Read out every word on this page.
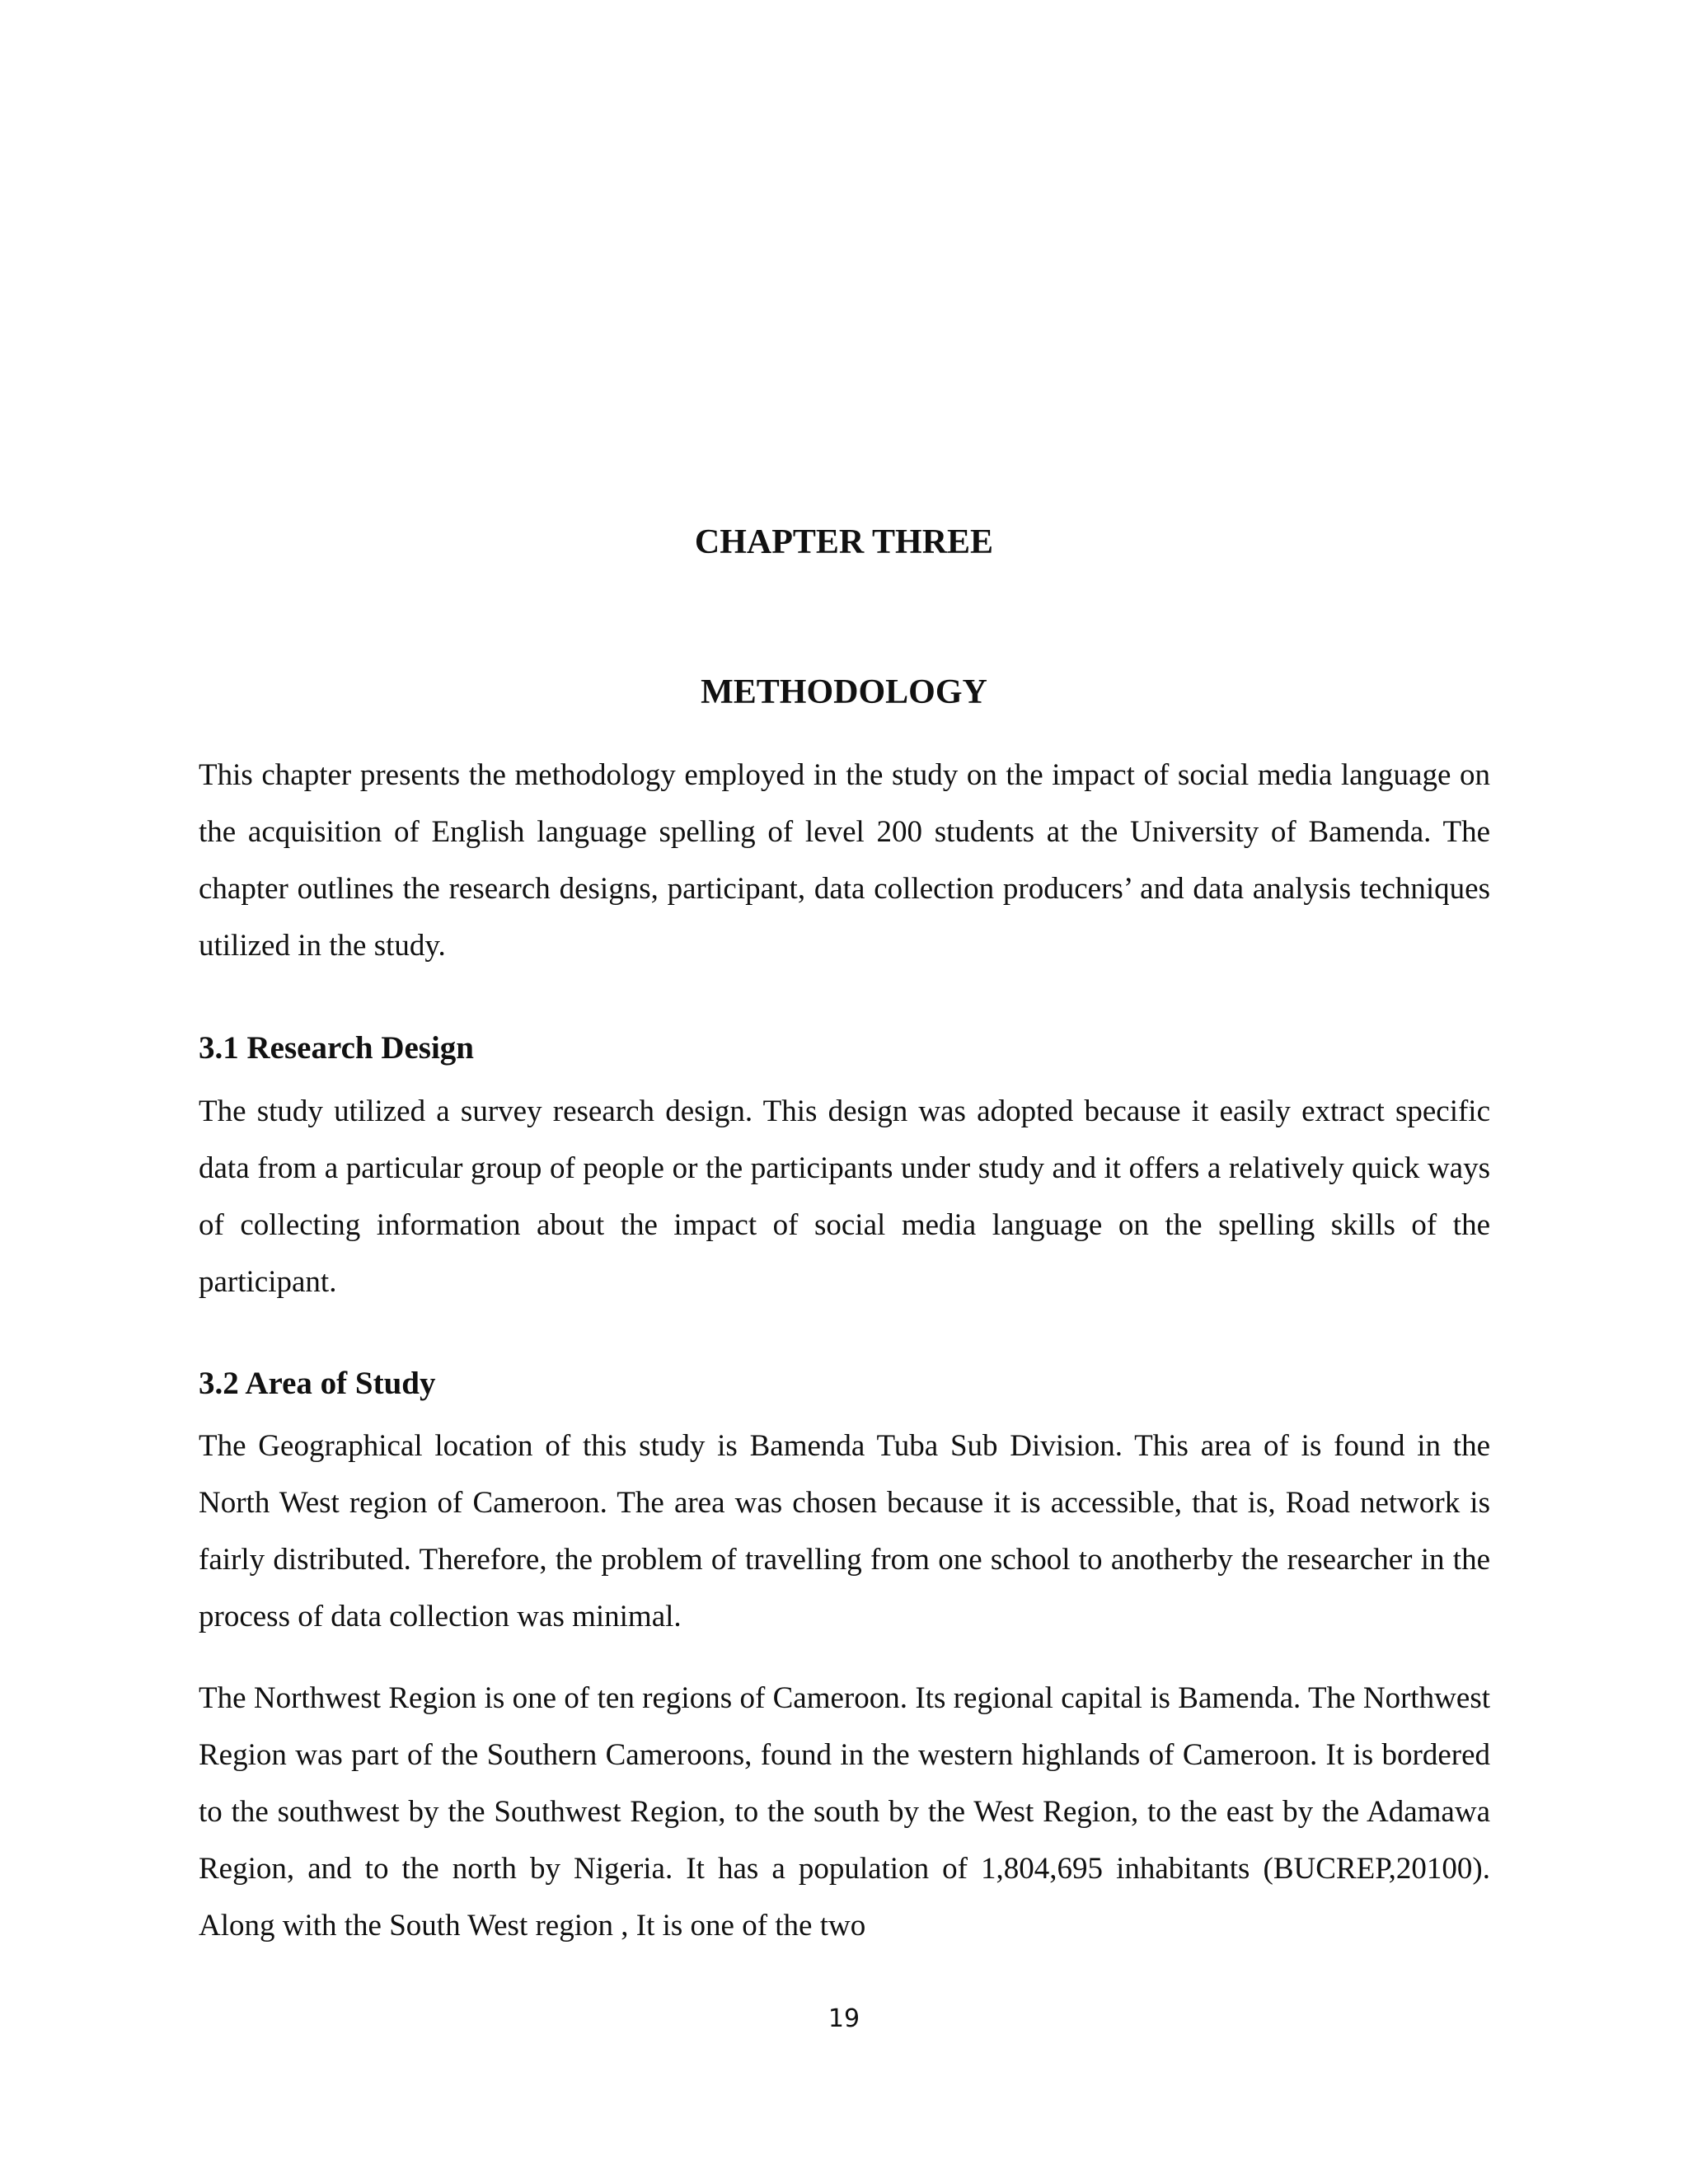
CHAPTER THREE
METHODOLOGY

This chapter presents the methodology employed in the study on the impact of social media language on the acquisition of English language spelling of level 200 students at the University of Bamenda. The chapter outlines the research designs, participant, data collection producers’ and data analysis techniques utilized in the study.

3.1 Research Design

The study utilized a survey research design. This design was adopted because it easily extract specific data from a particular group of people or the participants under study and it offers a relatively quick ways of collecting information about the impact of social media language on the spelling skills of the participant.

3.2 Area of Study

The Geographical location of this study is Bamenda Tuba Sub Division. This area of is found in the North West region of Cameroon. The area was chosen because it is accessible, that is, Road network is fairly distributed. Therefore, the problem of travelling from one school to anotherby the researcher in the process of data collection was minimal.

The Northwest Region is one of ten regions of Cameroon. Its regional capital is Bamenda. The Northwest Region was part of the Southern Cameroons, found in the western highlands of Cameroon. It is bordered to the southwest by the Southwest Region, to the south by the West Region, to the east by the Adamawa Region, and to the north by Nigeria. It has a population of 1,804,695 inhabitants (BUCREP,20100). Along with the South West region , It is one of the two

19
